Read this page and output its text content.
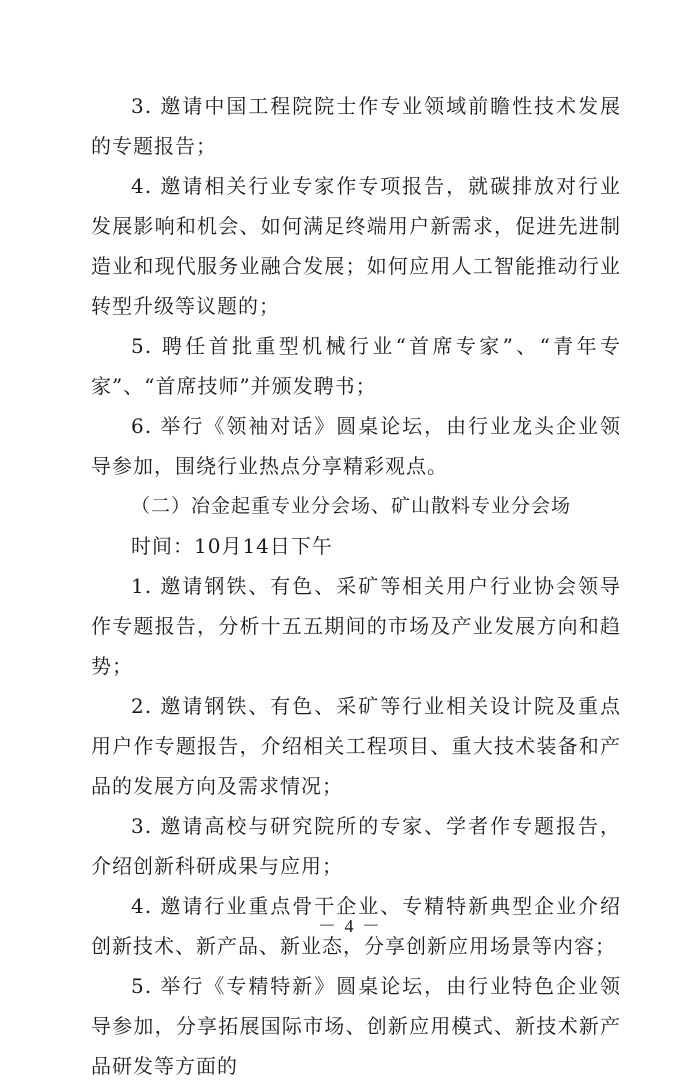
3. 邀请中国工程院院士作专业领域前瞻性技术发展的专题报告；

4. 邀请相关行业专家作专项报告，就碳排放对行业发展影响和机会、如何满足终端用户新需求，促进先进制造业和现代服务业融合发展；如何应用人工智能推动行业转型升级等议题的；

5. 聘任首批重型机械行业“首席专家”、“青年专家”、“首席技师”并颁发聘书；

6. 举行《领袖对话》圆桌论坛，由行业龙头企业领导参加，围绕行业热点分享精彩观点。

（二）冶金起重专业分会场、矿山散料专业分会场

时间：10月14日下午

1. 邀请钢铁、有色、采矿等相关用户行业协会领导作专题报告，分析十五五期间的市场及产业发展方向和趋势；

2. 邀请钢铁、有色、采矿等行业相关设计院及重点用户作专题报告，介绍相关工程项目、重大技术装备和产品的发展方向及需求情况；

3. 邀请高校与研究院所的专家、学者作专题报告，介绍创新科研成果与应用；

4. 邀请行业重点骨干企业、专精特新典型企业介绍创新技术、新产品、新业态，分享创新应用场景等内容；

5. 举行《专精特新》圆桌论坛，由行业特色企业领导参加，分享拓展国际市场、创新应用模式、新技术新产品研发等方面的

－ 4 －
